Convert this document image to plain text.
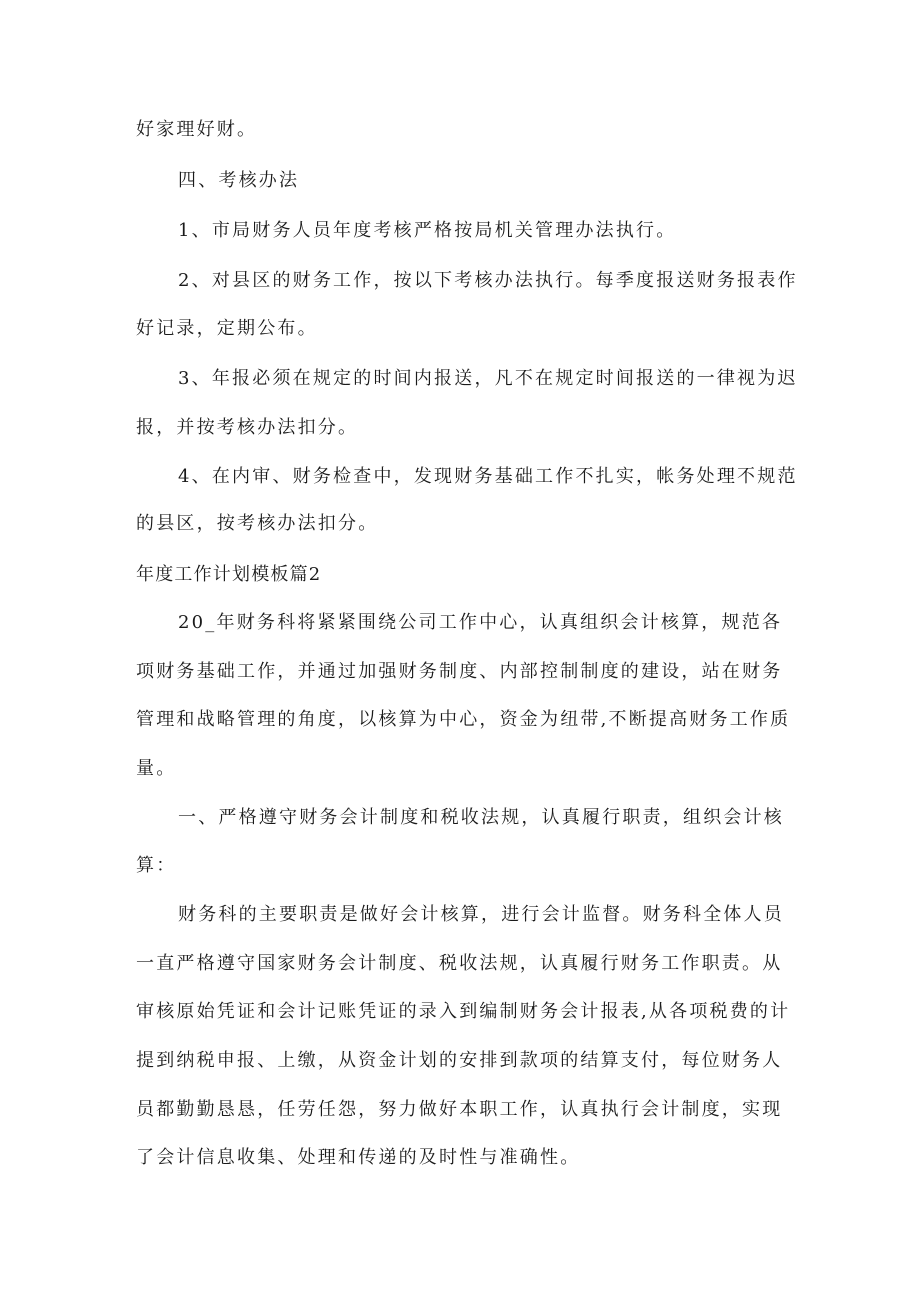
好家理好财。
四、考核办法
1、市局财务人员年度考核严格按局机关管理办法执行。
2、对县区的财务工作，按以下考核办法执行。每季度报送财务报表作
好记录，定期公布。
3、年报必须在规定的时间内报送，凡不在规定时间报送的一律视为迟
报，并按考核办法扣分。
4、在内审、财务检查中，发现财务基础工作不扎实，帐务处理不规范
的县区，按考核办法扣分。
年度工作计划模板篇2
20_年财务科将紧紧围绕公司工作中心，认真组织会计核算，规范各
项财务基础工作，并通过加强财务制度、内部控制制度的建设，站在财务
管理和战略管理的角度，以核算为中心，资金为纽带,不断提高财务工作质
量。
一、严格遵守财务会计制度和税收法规，认真履行职责，组织会计核
算：
财务科的主要职责是做好会计核算，进行会计监督。财务科全体人员
一直严格遵守国家财务会计制度、税收法规，认真履行财务工作职责。从
审核原始凭证和会计记账凭证的录入到编制财务会计报表,从各项税费的计
提到纳税申报、上缴，从资金计划的安排到款项的结算支付，每位财务人
员都勤勤恳恳，任劳任怨，努力做好本职工作，认真执行会计制度，实现
了会计信息收集、处理和传递的及时性与准确性。
